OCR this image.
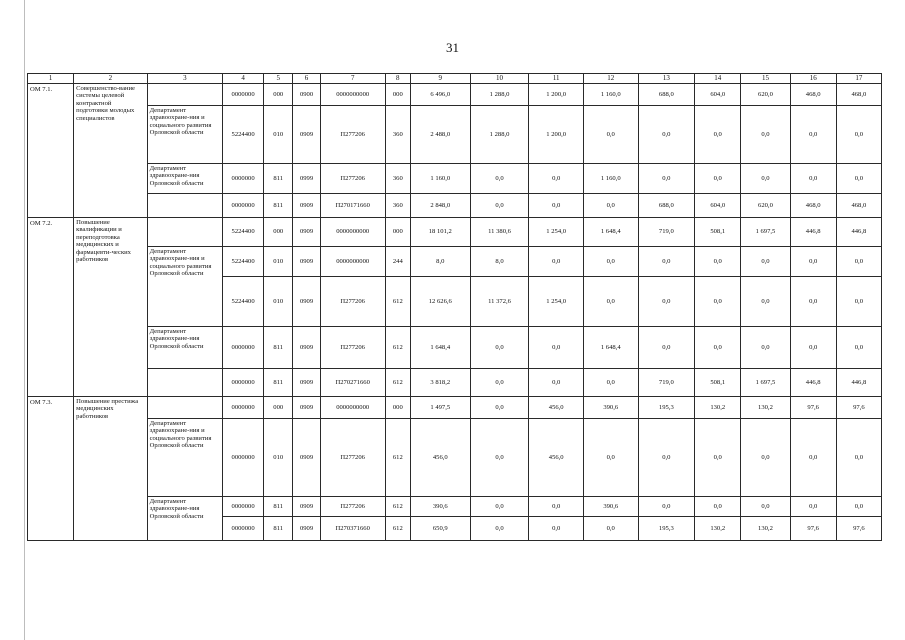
31
1	2	3	4	5	6	7	8	9	10	11	12	13	14	15	16	17
ОМ 7.1.	Совершенство-вание системы целевой контрактной подготовки молодых специалистов		0000000	000	0900	0000000000	000	6 496,0	1 288,0	1 200,0	1 160,0	688,0	604,0	620,0	468,0	468,0
		Департамент здравоохране-ния и социального развития Орловской области	5224400	010	0909	П277206	360	2 488,0	1 288,0	1 200,0	0,0	0,0	0,0	0,0	0,0	0,0
		Департамент здравоохране-ния Орловской области	0000000	811	0999	П277206	360	1 160,0	0,0	0,0	1 160,0	0,0	0,0	0,0	0,0	0,0
			0000000	811	0909	П270171660	360	2 848,0	0,0	0,0	0,0	688,0	604,0	620,0	468,0	468,0
ОМ 7.2.	Повышение квалификации и переподготовка медицинских и фармацевти-ческих работников		5224400	000	0909	0000000000	000	18 101,2	11 380,6	1 254,0	1 648,4	719,0	508,1	1 697,5	446,8	446,8
		Департамент здравоохране-ния и социального развития Орловской области	5224400	010	0909	0000000000	244	8,0	8,0	0,0	0,0	0,0	0,0	0,0	0,0	0,0
			5224400	010	0909	П277206	612	12 626,6	11 372,6	1 254,0	0,0	0,0	0,0	0,0	0,0	0,0
		Департамент здравоохране-ния Орловской области	0000000	811	0909	П277206	612	1 648,4	0,0	0,0	1 648,4	0,0	0,0	0,0	0,0	0,0
			0000000	811	0909	П270271660	612	3 818,2	0,0	0,0	0,0	719,0	508,1	1 697,5	446,8	446,8
ОМ 7.3.	Повышение престижа медицинских работников		0000000	000	0909	0000000000	000	1 497,5	0,0	456,0	390,6	195,3	130,2	130,2	97,6	97,6
		Департамент здравоохране-ния и социального развития Орловской области	0000000	010	0909	П277206	612	456,0	0,0	456,0	0,0	0,0	0,0	0,0	0,0	0,0
		Департамент здравоохране-ния Орловской области	0000000	811	0909	П277206	612	390,6	0,0	0,0	390,6	0,0	0,0	0,0	0,0	0,0
			0000000	811	0909	П270371660	612	650,9	0,0	0,0	0,0	195,3	130,2	130,2	97,6	97,6
